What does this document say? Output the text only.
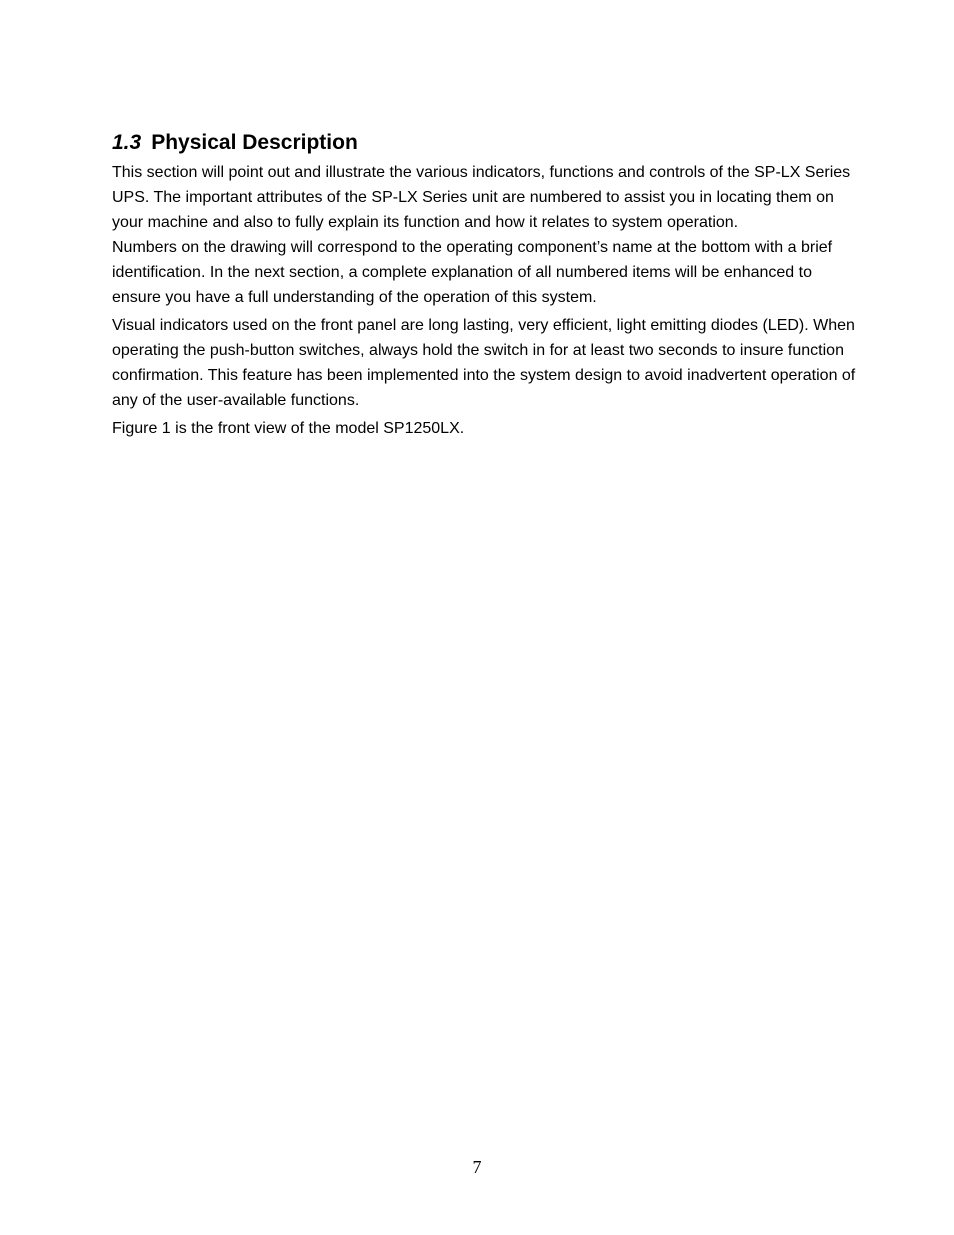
1.3 Physical Description

This section will point out and illustrate the various indicators, functions and controls of the SP-LX Series UPS. The important attributes of the SP-LX Series unit are numbered to assist you in locating them on your machine and also to fully explain its function and how it relates to system operation.

Numbers on the drawing will correspond to the operating component’s name at the bottom with a brief identification. In the next section, a complete explanation of all numbered items will be enhanced to ensure you have a full understanding of the operation of this system.

Visual indicators used on the front panel are long lasting, very efficient, light emitting diodes (LED). When operating the push-button switches, always hold the switch in for at least two seconds to insure function confirmation. This feature has been implemented into the system design to avoid inadvertent operation of any of the user-available functions.

Figure 1 is the front view of the model SP1250LX.

7
